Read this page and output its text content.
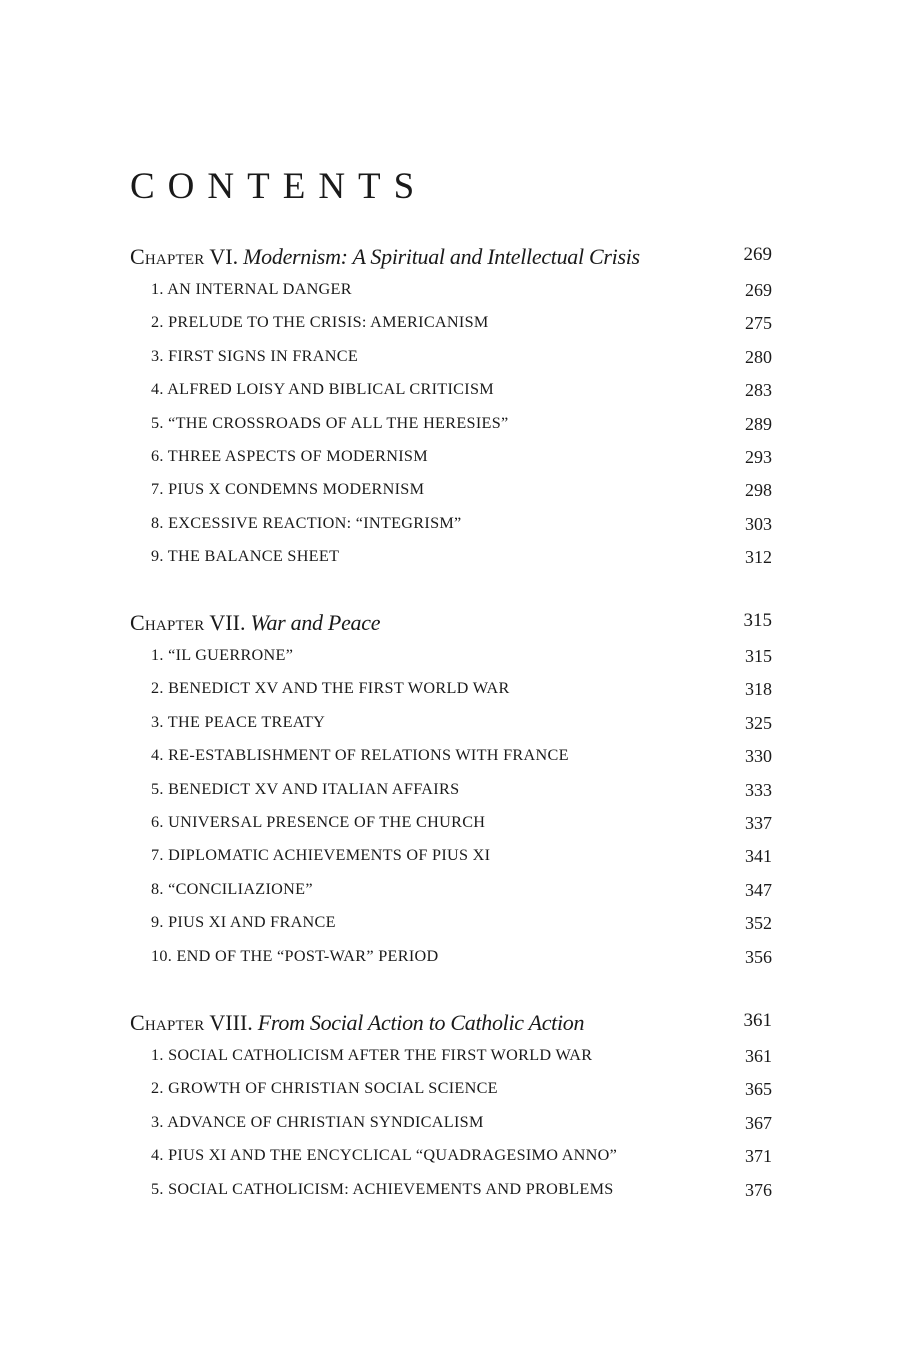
CONTENTS
Chapter VI. Modernism: A Spiritual and Intellectual Crisis	269
1. AN INTERNAL DANGER	269
2. PRELUDE TO THE CRISIS: AMERICANISM	275
3. FIRST SIGNS IN FRANCE	280
4. ALFRED LOISY AND BIBLICAL CRITICISM	283
5. “THE CROSSROADS OF ALL THE HERESIES”	289
6. THREE ASPECTS OF MODERNISM	293
7. PIUS X CONDEMNS MODERNISM	298
8. EXCESSIVE REACTION: “INTEGRISM”	303
9. THE BALANCE SHEET	312
Chapter VII. War and Peace	315
1. “IL GUERRONE”	315
2. BENEDICT XV AND THE FIRST WORLD WAR	318
3. THE PEACE TREATY	325
4. RE-ESTABLISHMENT OF RELATIONS WITH FRANCE	330
5. BENEDICT XV AND ITALIAN AFFAIRS	333
6. UNIVERSAL PRESENCE OF THE CHURCH	337
7. DIPLOMATIC ACHIEVEMENTS OF PIUS XI	341
8. “CONCILIAZIONE”	347
9. PIUS XI AND FRANCE	352
10. END OF THE “POST-WAR” PERIOD	356
Chapter VIII. From Social Action to Catholic Action	361
1. SOCIAL CATHOLICISM AFTER THE FIRST WORLD WAR	361
2. GROWTH OF CHRISTIAN SOCIAL SCIENCE	365
3. ADVANCE OF CHRISTIAN SYNDICALISM	367
4. PIUS XI AND THE ENCYCLICAL “QUADRAGESIMO ANNO”	371
5. SOCIAL CATHOLICISM: ACHIEVEMENTS AND PROBLEMS	376
